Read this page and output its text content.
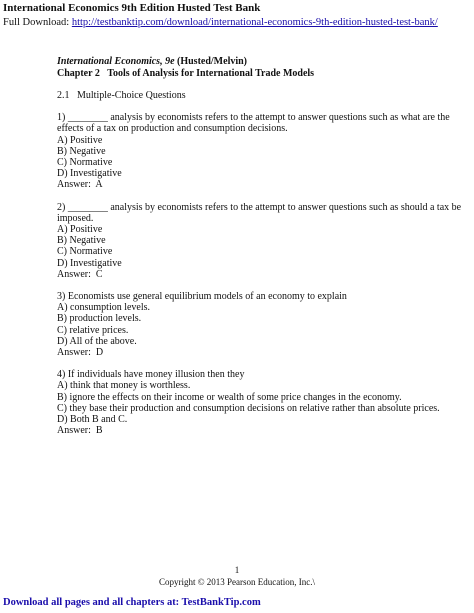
International Economics 9th Edition Husted Test Bank
Full Download: http://testbanktip.com/download/international-economics-9th-edition-husted-test-bank/
International Economics, 9e (Husted/Melvin)
Chapter 2   Tools of Analysis for International Trade Models
2.1   Multiple-Choice Questions
1) ________ analysis by economists refers to the attempt to answer questions such as what are the effects of a tax on production and consumption decisions.
A) Positive
B) Negative
C) Normative
D) Investigative
Answer:  A
2) ________ analysis by economists refers to the attempt to answer questions such as should a tax be imposed.
A) Positive
B) Negative
C) Normative
D) Investigative
Answer:  C
3) Economists use general equilibrium models of an economy to explain
A) consumption levels.
B) production levels.
C) relative prices.
D) All of the above.
Answer:  D
4) If individuals have money illusion then they
A) think that money is worthless.
B) ignore the effects on their income or wealth of some price changes in the economy.
C) they base their production and consumption decisions on relative rather than absolute prices.
D) Both B and C.
Answer:  B
1
Copyright © 2013 Pearson Education, Inc.\
Download all pages and all chapters at: TestBankTip.com
